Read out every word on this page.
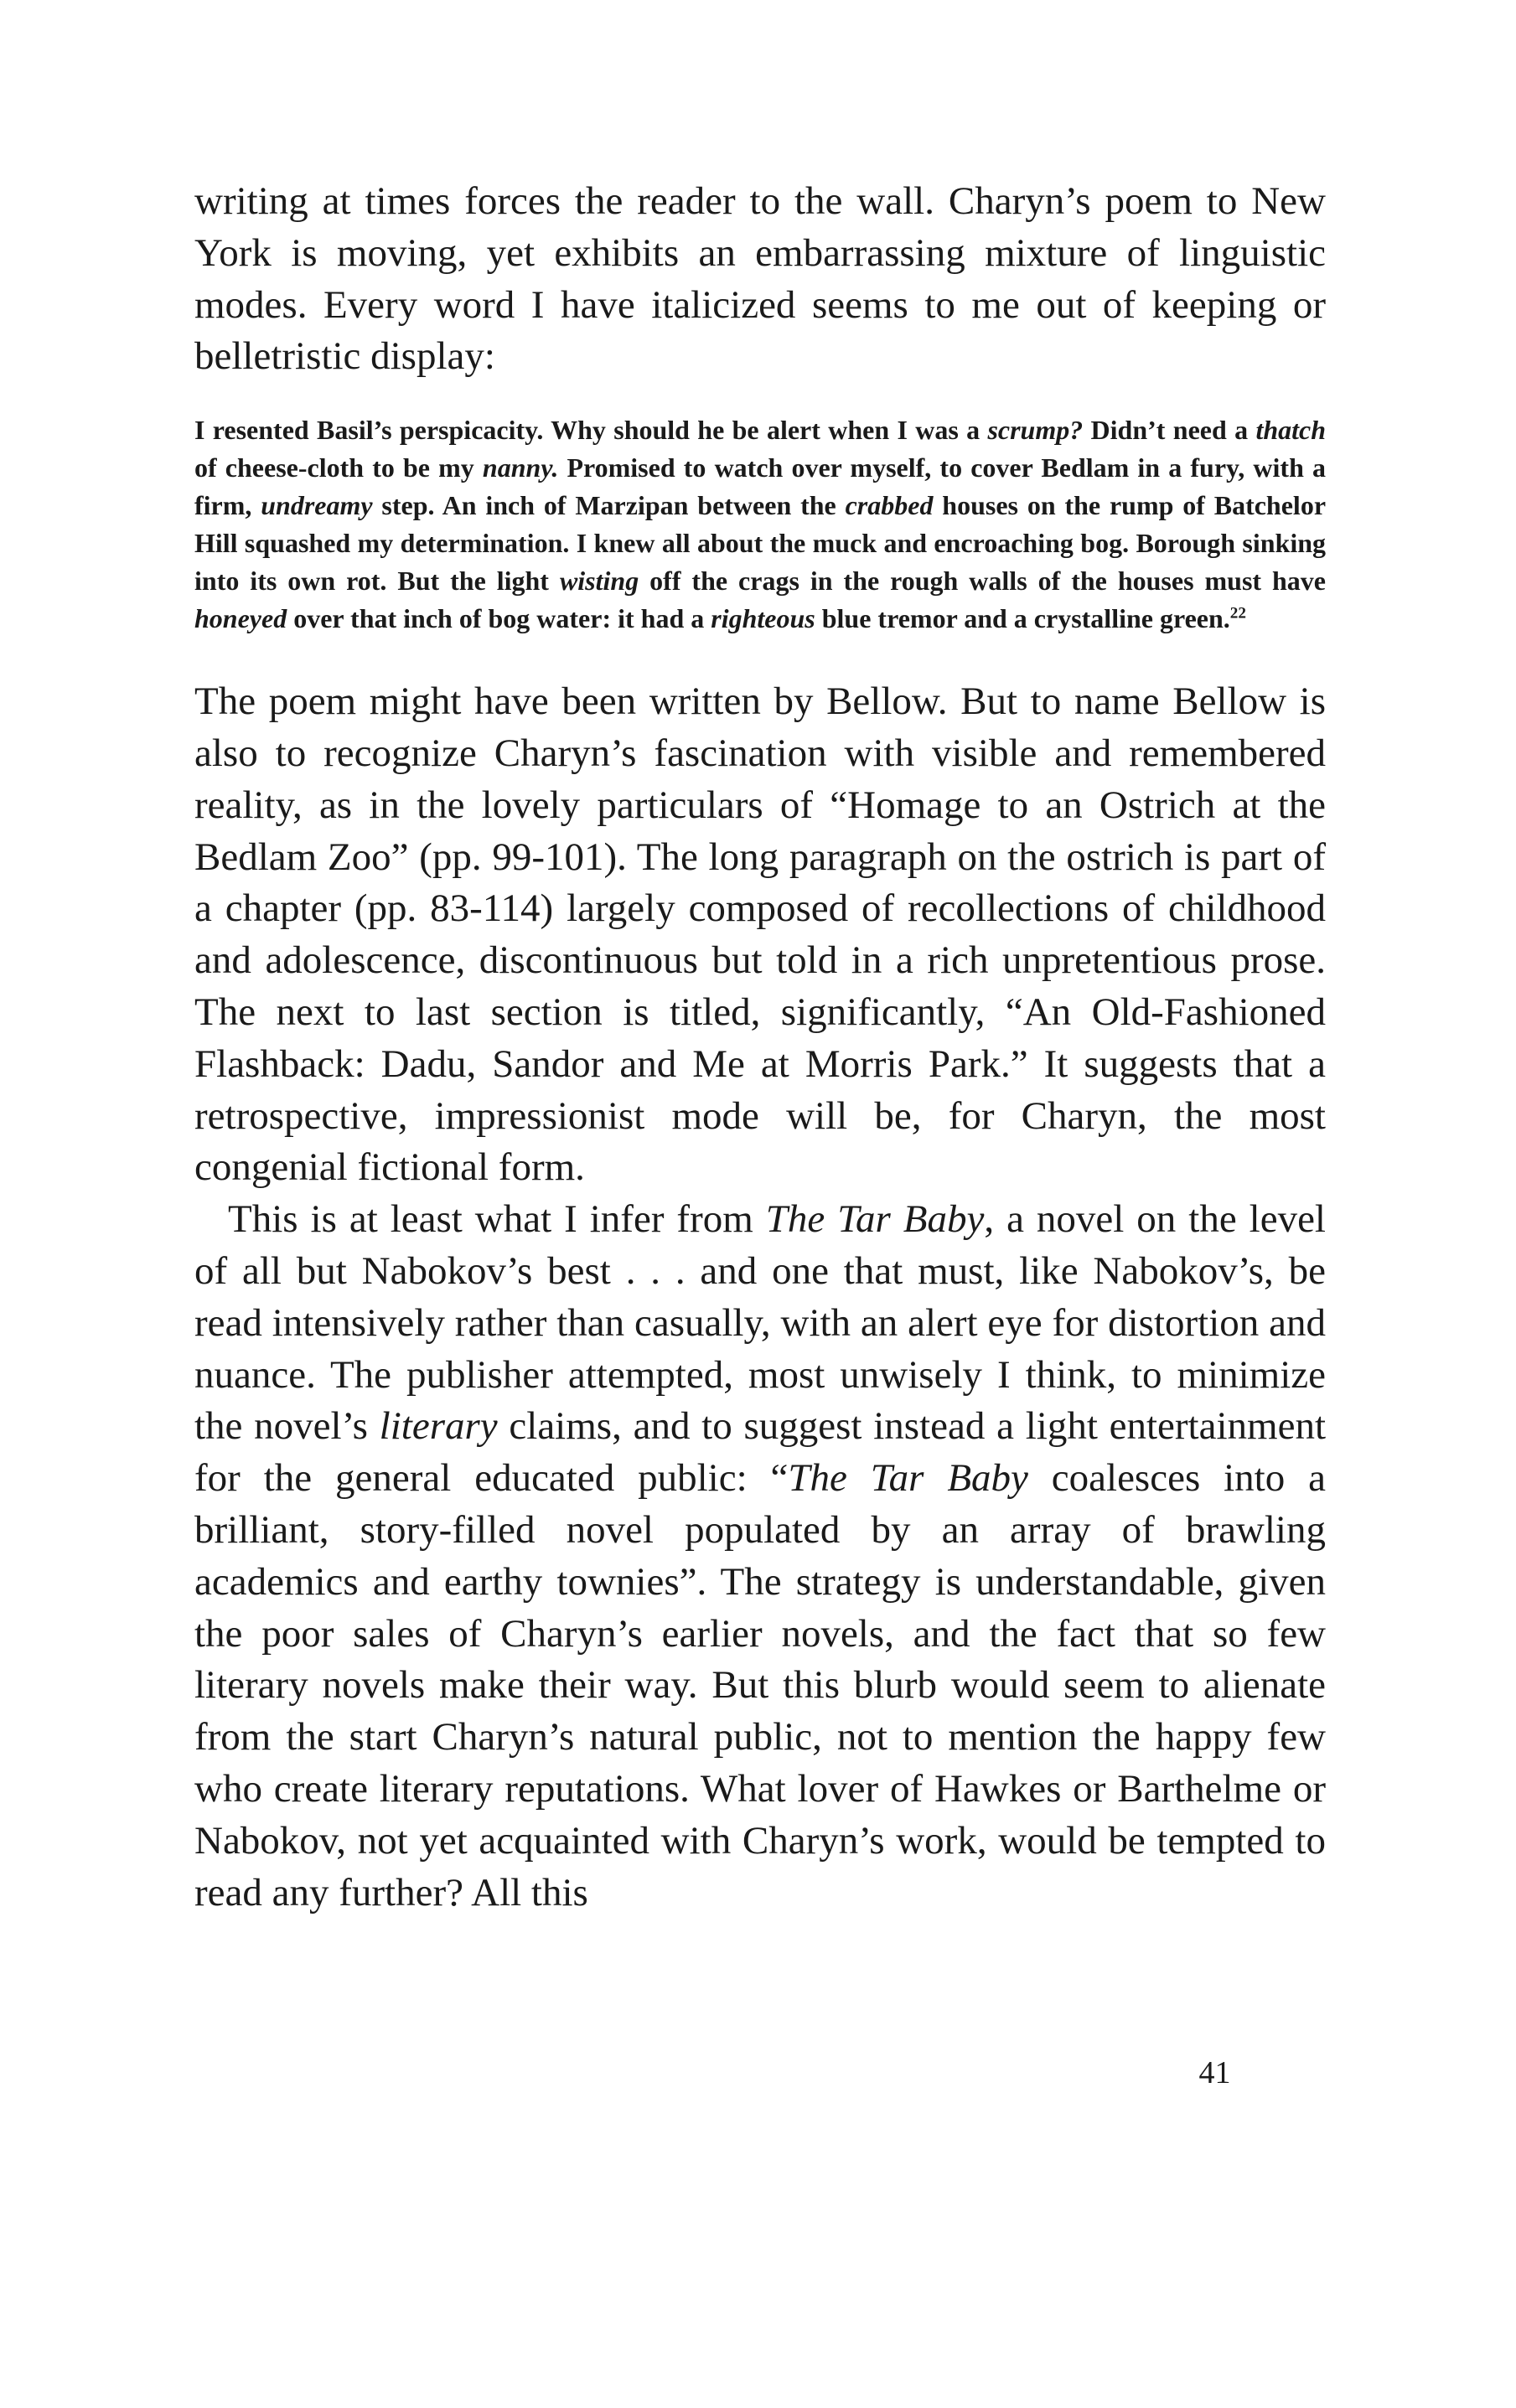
writing at times forces the reader to the wall. Charyn’s poem to New York is moving, yet exhibits an embarrassing mixture of linguistic modes. Every word I have italicized seems to me out of keeping or belletristic display:

I resented Basil’s perspicacity. Why should he be alert when I was a scrump? Didn’t need a thatch of cheese-cloth to be my nanny. Promised to watch over myself, to cover Bedlam in a fury, with a firm, undreamy step. An inch of Marzipan between the crabbed houses on the rump of Batchelor Hill squashed my determination. I knew all about the muck and encroaching bog. Borough sinking into its own rot. But the light wisting off the crags in the rough walls of the houses must have honeyed over that inch of bog water: it had a righteous blue tremor and a crystalline green.$^{22}$

The poem might have been written by Bellow. But to name Bellow is also to recognize Charyn’s fascination with visible and remembered reality, as in the lovely particulars of “Homage to an Ostrich at the Bedlam Zoo” (pp. 99-101). The long paragraph on the ostrich is part of a chapter (pp. 83-114) largely composed of recollections of childhood and adolescence, discontinuous but told in a rich unpretentious prose. The next to last section is titled, significantly, “An Old-Fashioned Flashback: Dadu, Sandor and Me at Morris Park.” It suggests that a retrospective, impressionist mode will be, for Charyn, the most congenial fictional form.

This is at least what I infer from The Tar Baby, a novel on the level of all but Nabokov’s best . . . and one that must, like Nabokov’s, be read intensively rather than casually, with an alert eye for distortion and nuance. The publisher attempted, most unwisely I think, to minimize the novel’s literary claims, and to suggest instead a light entertainment for the general educated public: “The Tar Baby coalesces into a brilliant, story-filled novel populated by an array of brawling academics and earthy townies”. The strategy is understandable, given the poor sales of Charyn’s earlier novels, and the fact that so few literary novels make their way. But this blurb would seem to alienate from the start Charyn’s natural public, not to mention the happy few who create literary reputations. What lover of Hawkes or Barthelme or Nabokov, not yet acquainted with Charyn’s work, would be tempted to read any further? All this

41
